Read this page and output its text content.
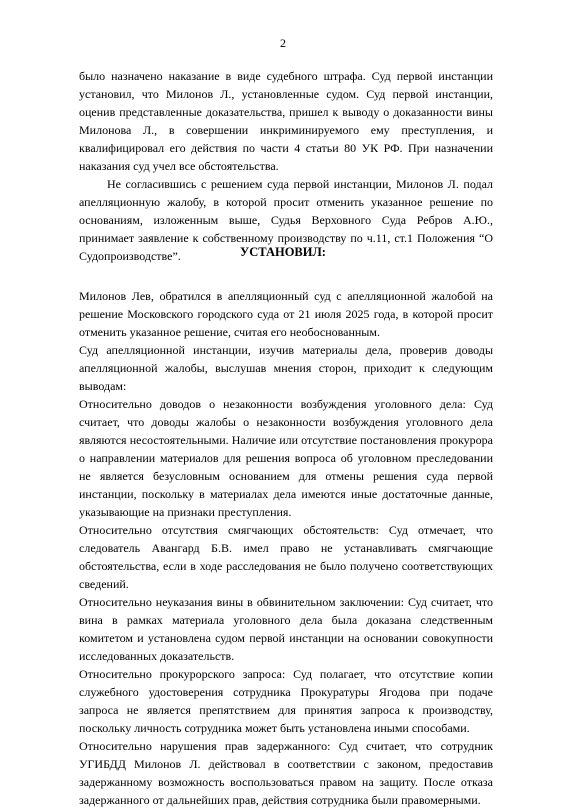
2

было назначено наказание в виде судебного штрафа. Суд первой инстанции установил, что Милонов Л., установленные судом. Суд первой инстанции, оценив представленные доказательства, пришел к выводу о доказанности вины Милонова Л., в совершении инкриминируемого ему преступления, и квалифицировал его действия по части 4 статьи 80 УК РФ. При назначении наказания суд учел все обстоятельства.

Не согласившись с решением суда первой инстанции, Милонов Л. подал апелляционную жалобу, в которой просит отменить указанное решение по основаниям, изложенным выше, Судья Верховного Суда Ребров А.Ю., принимает заявление к собственному производству по ч.11, ст.1 Положения “О Судопроизводстве”.	УСТАНОВИЛ:

Милонов Лев, обратился в апелляционный суд с апелляционной жалобой на решение Московского городского суда от 21 июля 2025 года, в которой просит отменить указанное решение, считая его необоснованным.

Суд апелляционной инстанции, изучив материалы дела, проверив доводы апелляционной жалобы, выслушав мнения сторон, приходит к следующим выводам:

Относительно доводов о незаконности возбуждения уголовного дела: Суд считает, что доводы жалобы о незаконности возбуждения уголовного дела являются несостоятельными. Наличие или отсутствие постановления прокурора о направлении материалов для решения вопроса об уголовном преследовании не является безусловным основанием для отмены решения суда первой инстанции, поскольку в материалах дела имеются иные достаточные данные, указывающие на признаки преступления.

Относительно отсутствия смягчающих обстоятельств: Суд отмечает, что следователь Авангард Б.В. имел право не устанавливать смягчающие обстоятельства, если в ходе расследования не было получено соответствующих сведений.

Относительно неуказания вины в обвинительном заключении: Суд считает, что вина в рамках материала уголовного дела была доказана следственным комитетом и установлена судом первой инстанции на основании совокупности исследованных доказательств.

Относительно прокурорского запроса: Суд полагает, что отсутствие копии служебного удостоверения сотрудника Прокуратуры Ягодова при подаче запроса не является препятствием для принятия запроса к производству, поскольку личность сотрудника может быть установлена иными способами.

Относительно нарушения прав задержанного: Суд считает, что сотрудник УГИБДД Милонов Л. действовал в соответствии с законом, предоставив задержанному возможность воспользоваться правом на защиту. После отказа задержанного от дальнейших прав, действия сотрудника были правомерными.
